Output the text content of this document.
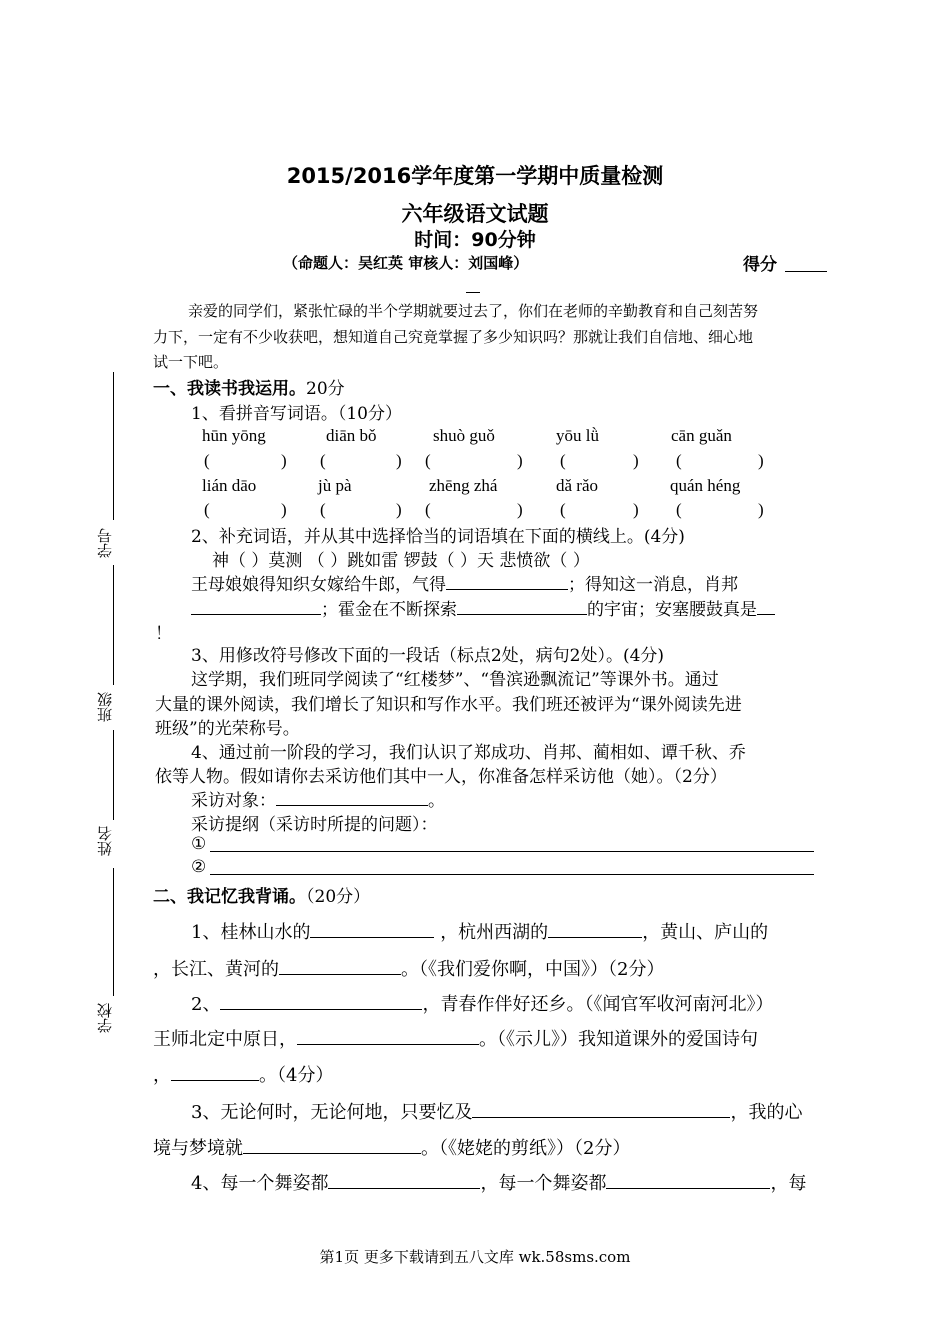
2015/2016学年度第一学期中质量检测
六年级语文试题
时间：90分钟
（命题人：吴红英 审核人：刘国峰）	得分
亲爱的同学们，紧张忙碌的半个学期就要过去了，你们在老师的辛勤教育和自己刻苦努
力下，一定有不少收获吧，想知道自己究竟掌握了多少知识吗？那就让我们自信地、细心地
试一下吧。
学号
班级
姓名
学校
一、我读书我运用。20分
1、看拼音写词语。（10分）
hūn yōng	diān bǒ	shuò guǒ	yōu lǜ	cān guǎn
(	) (	) (	) (	) (	)
lián dāo	jù pà	zhēng zhá	dǎ rǎo	quán héng
(	) (	) (	) (	) (	)
2、补充词语，并从其中选择恰当的词语填在下面的横线上。(4分)
神（ ）莫测 （ ）跳如雷 锣鼓（ ）天 悲愤欲（ ）
王母娘娘得知织女嫁给牛郎，气得	；得知这一消息，肖邦
；霍金在不断探索	的宇宙；安塞腰鼓真是
！
3、用修改符号修改下面的一段话（标点2处，病句2处）。(4分)
这学期，我们班同学阅读了“红楼梦”、“鲁滨逊飘流记”等课外书。通过
大量的课外阅读，我们增长了知识和写作水平。我们班还被评为“课外阅读先进
班级”的光荣称号。
4、通过前一阶段的学习，我们认识了郑成功、肖邦、蔺相如、谭千秋、乔
依等人物。假如请你去采访他们其中一人，你准备怎样采访他（她）。（2分）
采访对象：	。
采访提纲（采访时所提的问题）：
①
②
二、我记忆我背诵。（20分）
1、桂林山水的	，杭州西湖的	，黄山、庐山的
，长江、黄河的	。（《我们爱你啊，中国》）（2分）
2、	，青春作伴好还乡。（《闻官军收河南河北》）
王师北定中原日，	。（《示儿》）我知道课外的爱国诗句
，	。（4分）
3、无论何时，无论何地，只要忆及	，我的心
境与梦境就	。（《姥姥的剪纸》）（2分）
4、每一个舞姿都	，每一个舞姿都	，每
第1页 更多下载请到五八文库 wk.58sms.com
